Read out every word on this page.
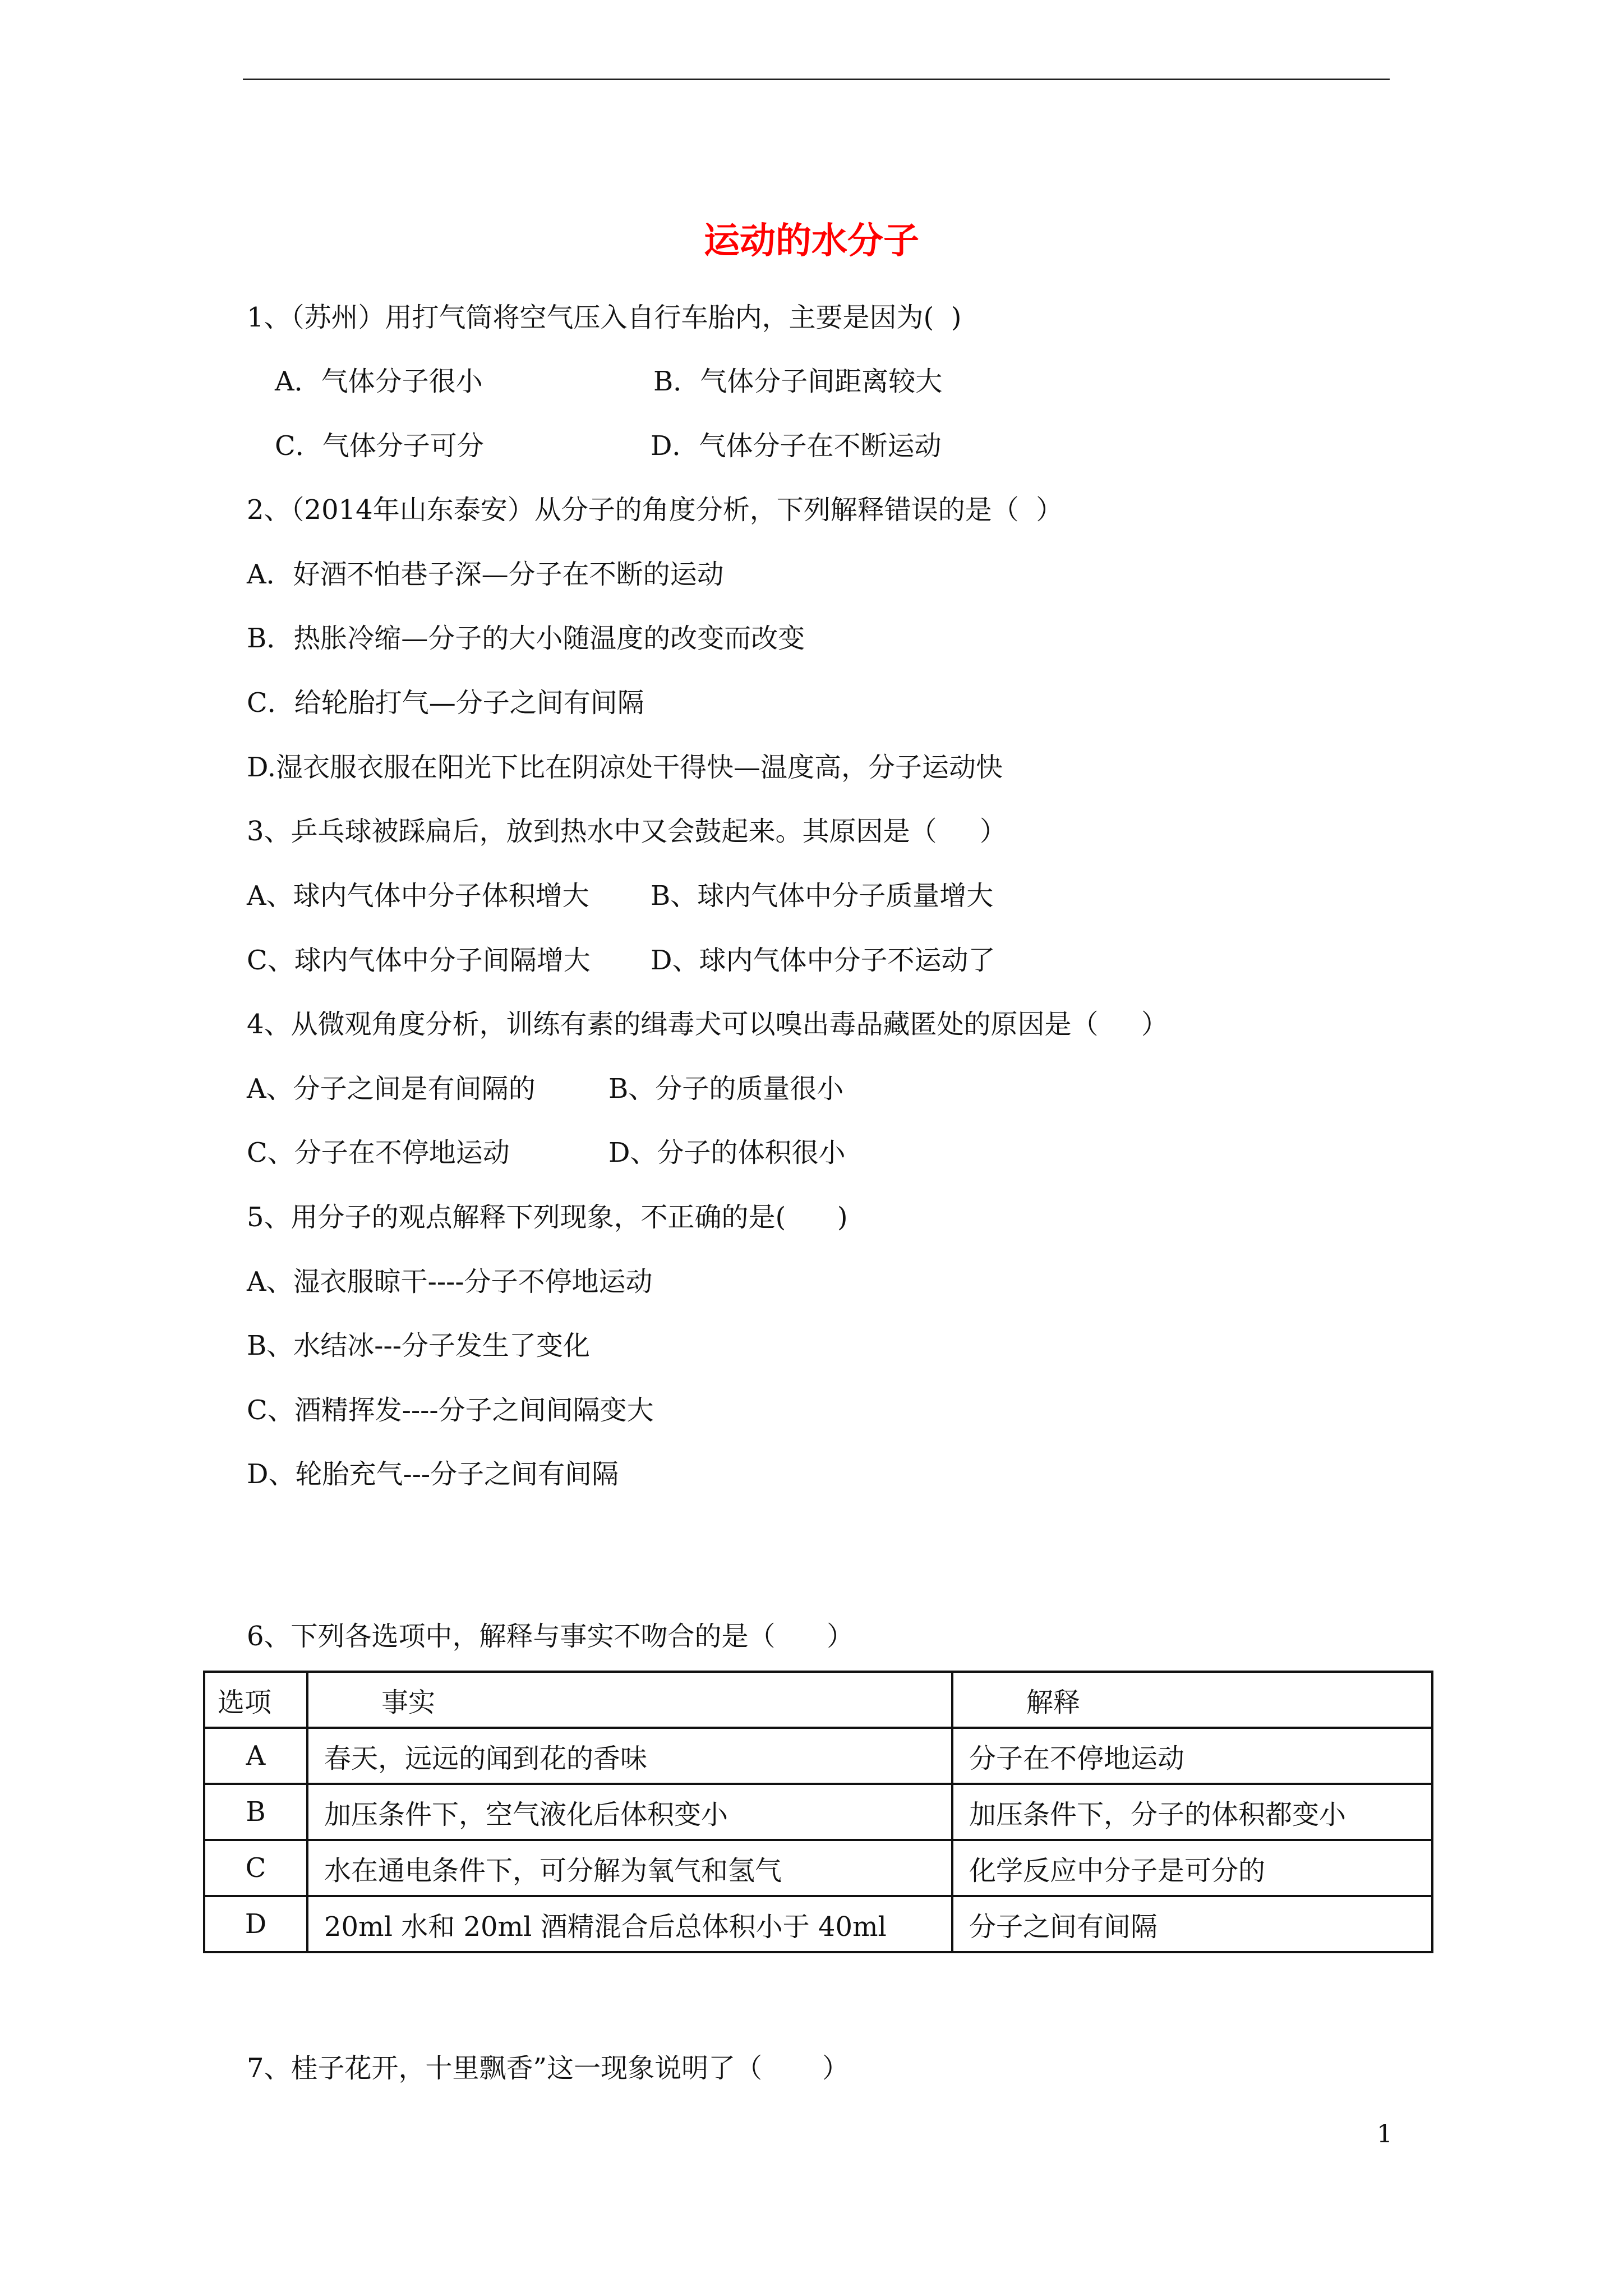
运动的水分子
1、（苏州）用打气筒将空气压入自行车胎内，主要是因为(  )
A．气体分子很小	B．气体分子间距离较大
C．气体分子可分	D．气体分子在不断运动
2、（2014年山东泰安）从分子的角度分析，下列解释错误的是（  ）
A．好酒不怕巷子深—分子在不断的运动
B．热胀冷缩—分子的大小随温度的改变而改变
C．给轮胎打气—分子之间有间隔
D.湿衣服衣服在阳光下比在阴凉处干得快—温度高，分子运动快
3、乒乓球被踩扁后，放到热水中又会鼓起来。其原因是（     ）
A、球内气体中分子体积增大 B、球内气体中分子质量增大
C、球内气体中分子间隔增大 D、球内气体中分子不运动了
4、从微观角度分析，训练有素的缉毒犬可以嗅出毒品藏匿处的原因是（     ）
A、分子之间是有间隔的	B、分子的质量很小
C、分子在不停地运动	D、分子的体积很小
5、用分子的观点解释下列现象，不正确的是(      )
A、湿衣服晾干----分子不停地运动
B、水结冰---分子发生了变化
C、酒精挥发----分子之间间隔变大
D、轮胎充气---分子之间有间隔
6、下列各选项中，解释与事实不吻合的是（      ）
选项	事实	解释
A	春天，远远的闻到花的香味	分子在不停地运动
B	加压条件下，空气液化后体积变小	加压条件下，分子的体积都变小
C	水在通电条件下，可分解为氧气和氢气	化学反应中分子是可分的
D	20ml 水和 20ml 酒精混合后总体积小于 40ml	分子之间有间隔
7、桂子花开，十里飘香”这一现象说明了（       ）
1
